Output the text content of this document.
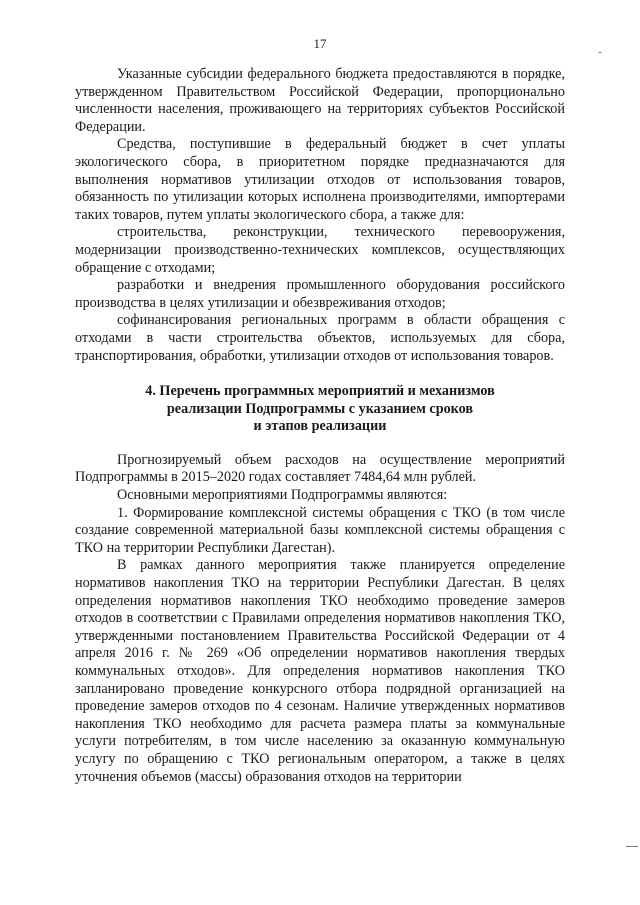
17

Указанные субсидии федерального бюджета предоставляются в порядке, утвержденном Правительством Российской Федерации, пропорционально численности населения, проживающего на территориях субъектов Российской Федерации.

Средства, поступившие в федеральный бюджет в счет уплаты экологического сбора, в приоритетном порядке предназначаются для выполнения нормативов утилизации отходов от использования товаров, обязанность по утилизации которых исполнена производителями, импортерами таких товаров, путем уплаты экологического сбора, а также для:

строительства, реконструкции, технического перевооружения, модернизации производственно-технических комплексов, осуществляющих обращение с отходами;

разработки и внедрения промышленного оборудования российского производства в целях утилизации и обезвреживания отходов;

софинансирования региональных программ в области обращения с отходами в части строительства объектов, используемых для сбора, транспортирования, обработки, утилизации отходов от использования товаров.

4. Перечень программных мероприятий и механизмов
реализации Подпрограммы с указанием сроков
и этапов реализации

Прогнозируемый объем расходов на осуществление мероприятий Подпрограммы в 2015–2020 годах составляет 7484,64 млн рублей.

Основными мероприятиями Подпрограммы являются:

1. Формирование комплексной системы обращения с ТКО (в том числе создание современной материальной базы комплексной системы обращения с ТКО на территории Республики Дагестан).

В рамках данного мероприятия также планируется определение нормативов накопления ТКО на территории Республики Дагестан. В целях определения нормативов накопления ТКО необходимо проведение замеров отходов в соответствии с Правилами определения нормативов накопления ТКО, утвержденными постановлением Правительства Российской Федерации от 4 апреля 2016 г. № 269 «Об определении нормативов накопления твердых коммунальных отходов». Для определения нормативов накопления ТКО запланировано проведение конкурсного отбора подрядной организацией на проведение замеров отходов по 4 сезонам. Наличие утвержденных нормативов накопления ТКО необходимо для расчета размера платы за коммунальные услуги потребителям, в том числе населению за оказанную коммунальную услугу по обращению с ТКО региональным оператором, а также в целях уточнения объемов (массы) образования отходов на территории
